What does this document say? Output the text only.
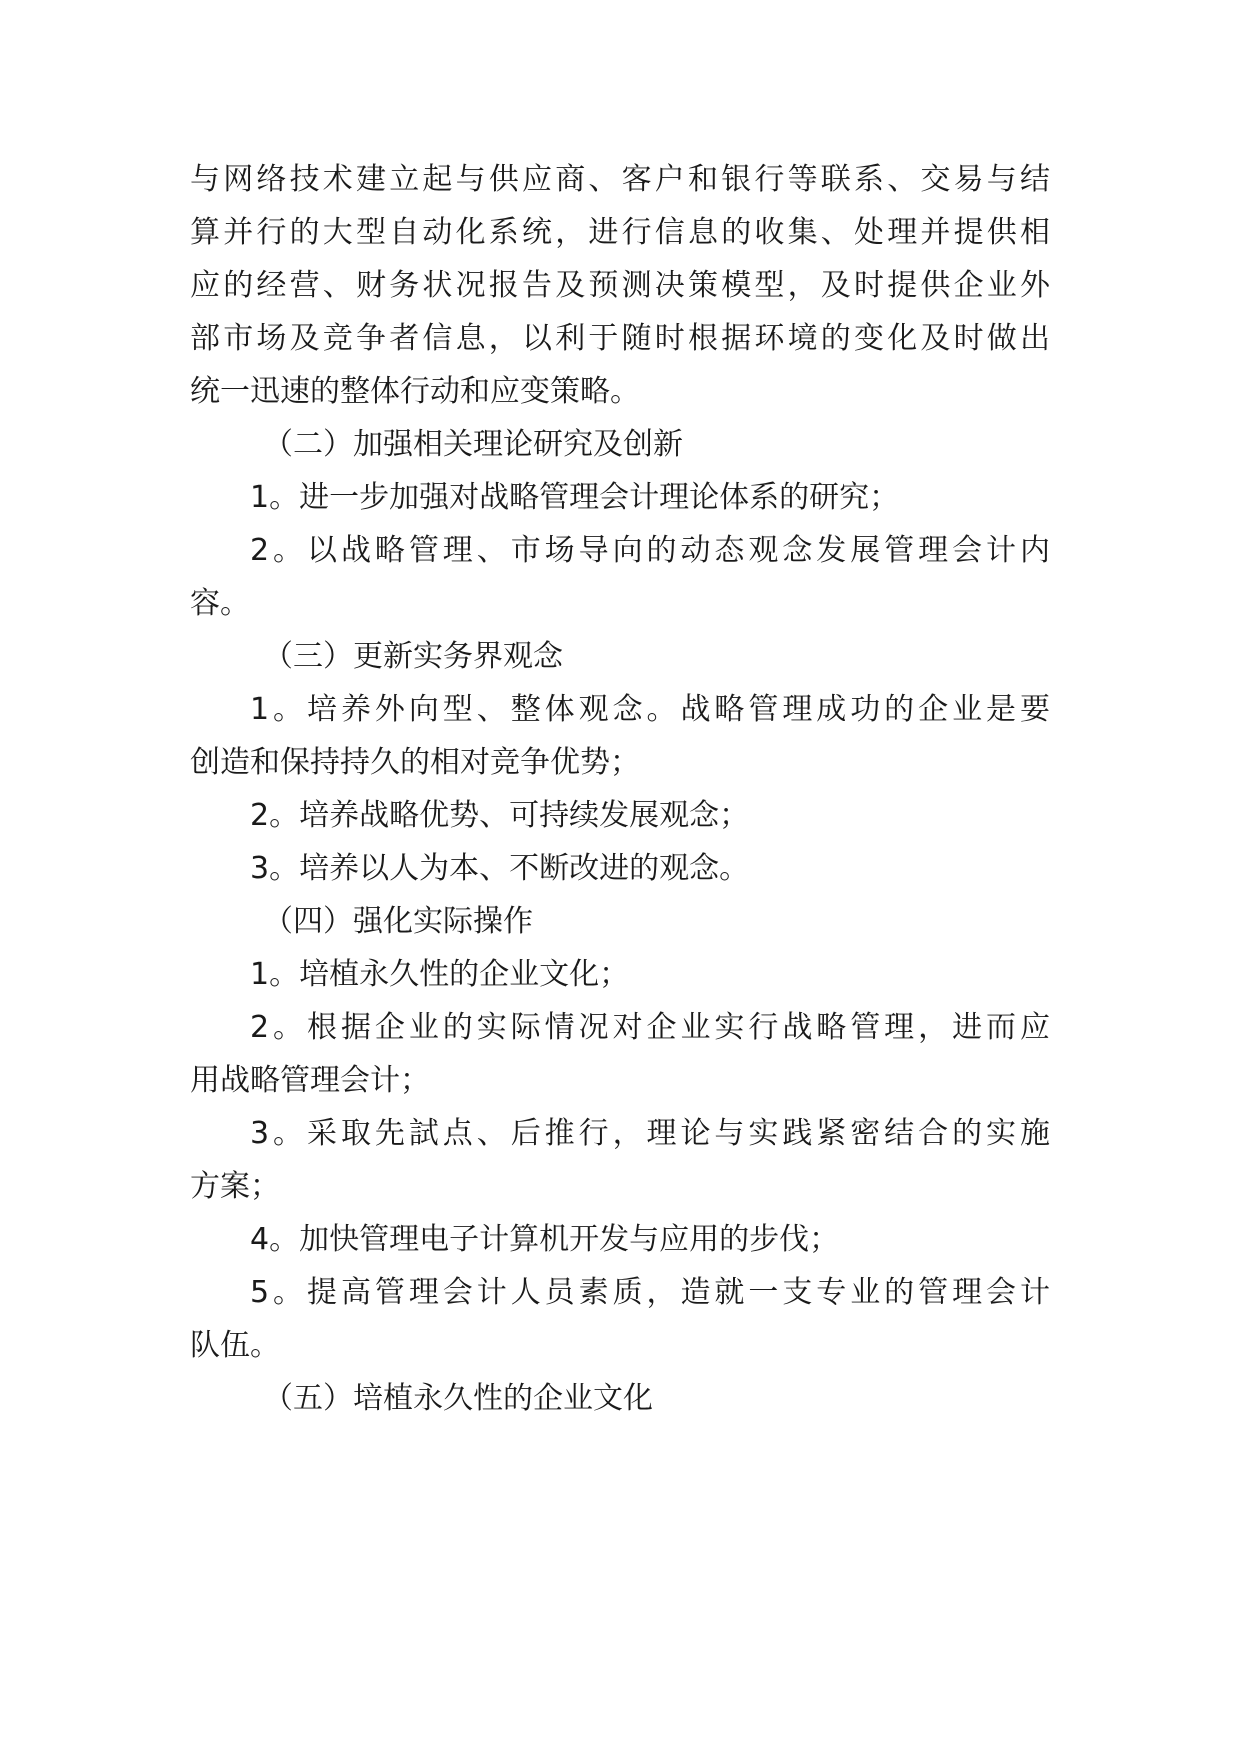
与网络技术建立起与供应商、客户和银行等联系、交易与结
算并行的大型自动化系统，进行信息的收集、处理并提供相
应的经营、财务状况报告及预测决策模型，及时提供企业外
部市场及竞争者信息，以利于随时根据环境的变化及时做出
统一迅速的整体行动和应变策略。
（二）加强相关理论研究及创新
1。进一步加强对战略管理会计理论体系的研究；
2。以战略管理、市场导向的动态观念发展管理会计内
容。
（三）更新实务界观念
1。培养外向型、整体观念。战略管理成功的企业是要
创造和保持持久的相对竞争优势；
2。培养战略优势、可持续发展观念；
3。培养以人为本、不断改进的观念。
（四）强化实际操作
1。培植永久性的企业文化；
2。根据企业的实际情况对企业实行战略管理，进而应
用战略管理会计；
3。采取先試点、后推行，理论与实践紧密结合的实施
方案；
4。加快管理电子计算机开发与应用的步伐；
5。提高管理会计人员素质，造就一支专业的管理会计
队伍。
（五）培植永久性的企业文化
